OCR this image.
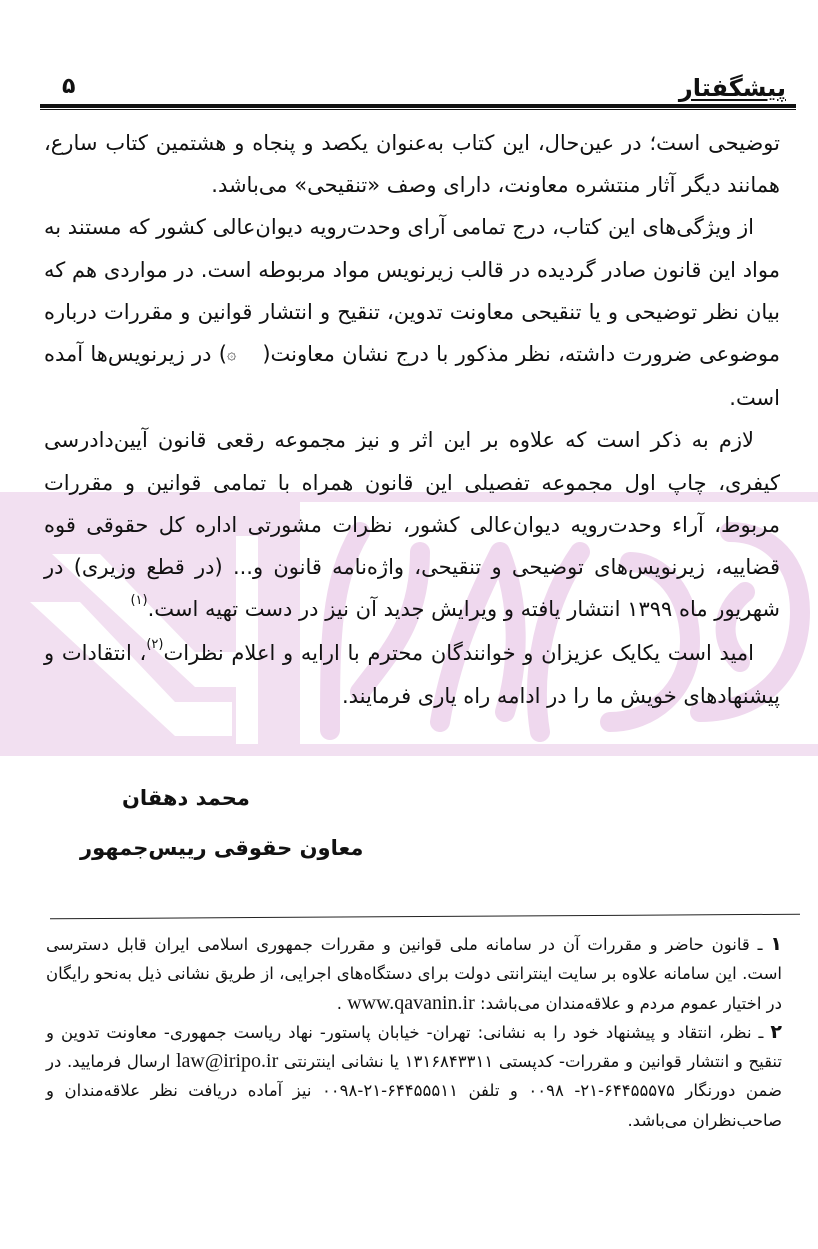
پیشگفتار
۵

توضیحی است؛ در عین‌حال، این کتاب به‌عنوان یکصد و پنجاه و هشتمین کتاب سارع، همانند دیگر آثار منتشره معاونت، دارای وصف «تنقیحی» می‌باشد.

از ویژگی‌های این کتاب، درج تمامی آرای وحدت‌رویه دیوان‌عالی کشور که مستند به مواد این قانون صادر گردیده در قالب زیرنویس مواد مربوطه است. در مواردی هم که بیان نظر توضیحی و یا تنقیحی معاونت تدوین، تنقیح و انتشار قوانین و مقررات درباره موضوعی ضرورت داشته، نظر مذکور با درج نشان معاونت(۞) در زیرنویس‌ها آمده است.

لازم به ذکر است که علاوه بر این اثر و نیز مجموعه رقعی قانون آیین‌دادرسی کیفری، چاپ اول مجموعه تفصیلی این قانون همراه با تمامی قوانین و مقررات مربوط، آراء وحدت‌رویه دیوان‌عالی کشور، نظرات مشورتی اداره کل حقوقی قوه قضاییه، زیرنویس‌های توضیحی و تنقیحی، واژه‌نامه قانون و... (در قطع وزیری) در شهریور ماه ۱۳۹۹ انتشار یافته و ویرایش جدید آن نیز در دست تهیه است.$^{(۱)}$

امید است یکایک عزیزان و خوانندگان محترم با ارایه و اعلام نظرات$^{(۲)}$، انتقادات و پیشنهادهای خویش ما را در ادامه راه یاری فرمایند.

محمد دهقان
معاون حقوقی رییس‌جمهور

۱ ـ قانون حاضر و مقررات آن در سامانه ملی قوانین و مقررات جمهوری اسلامی ایران قابل دسترسی است. این سامانه علاوه بر سایت اینترانتی دولت برای دستگاه‌های اجرایی، از طریق نشانی ذیل به‌نحو رایگان در اختیار عموم مردم و علاقه‌مندان می‌باشد: www.qavanin.ir .

۲ ـ نظر، انتقاد و پیشنهاد خود را به نشانی: تهران- خیابان پاستور- نهاد ریاست جمهوری- معاونت تدوین و تنقیح و انتشار قوانین و مقررات- کدپستی ۱۳۱۶۸۴۳۳۱۱ یا نشانی اینترنتی law@iripo.ir ارسال فرمایید. در ضمن دورنگار ۶۴۴۵۵۵۷۵-۲۱- ۰۰۹۸ و تلفن ۶۴۴۵۵۵۱۱-۲۱-۰۰۹۸ نیز آماده دریافت نظر علاقه‌مندان و صاحب‌نظران می‌باشد.
